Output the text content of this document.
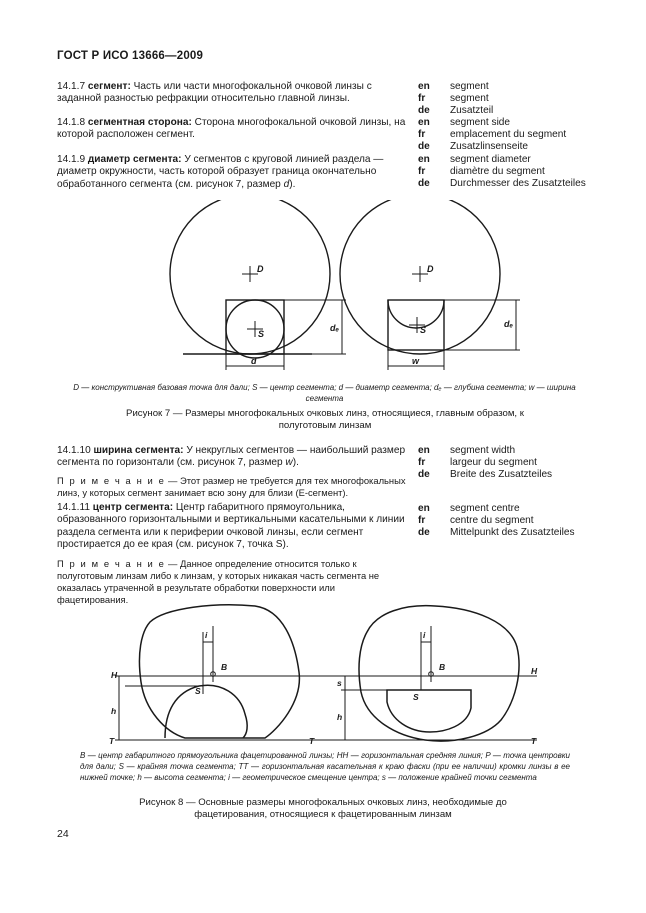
ГОСТ Р ИСО 13666—2009
14.1.7 сегмент: Часть или части многофокальной очковой линзы с заданной разностью рефракции относительно главной линзы.
en	segment
fr	segment
de	Zusatzteil
14.1.8 сегментная сторона: Сторона многофокальной очковой линзы, на которой расположен сегмент.
en	segment side
fr	emplacement du segment
de	Zusatzlinsenseite
14.1.9 диаметр сегмента: У сегментов с круговой линией раздела — диаметр окружности, часть которой образует граница окончательно обработанного сегмента (см. рисунок 7, размер d).
en	segment diameter
fr	diamètre du segment
de	Durchmesser des Zusatzteiles
D
S
d
dₑ
D
S
w
dₑ
D — конструктивная базовая точка для дали; S — центр сегмента; d — диаметр сегмента; dₑ — глубина сегмента; w — ширина сегмента
Рисунок 7 — Размеры многофокальных очковых линз, относящиеся, главным образом, к полуготовым линзам
14.1.10 ширина сегмента: У некруглых сегментов — наибольший размер сегмента по горизонтали (см. рисунок 7, размер w).
en	segment width
fr	largeur du segment
de	Breite des Zusatzteiles
П р и м е ч а н и е — Этот размер не требуется для тех многофокальных линз, у которых сегмент занимает всю зону для близи (E-сегмент).
14.1.11 центр сегмента: Центр габаритного прямоугольника, образованного горизонтальными и вертикальными касательными к линии раздела сегмента или к периферии очковой линзы, если сегмент простирается до ее края (см. рисунок 7, точка S).
en	segment centre
fr	centre du segment
de	Mittelpunkt des Zusatzteiles
П р и м е ч а н и е — Данное определение относится только к полуготовым линзам либо к линзам, у которых никакая часть сегмента не оказалась утраченной в результате обработки поверхности или фацетирования.
i
B
S
H
T
h
T
i
B
S
H
T
s
h
B — центр габаритного прямоугольника фацетированной линзы; HH — горизонтальная средняя линия; P — точка центровки для дали; S — крайняя точка сегмента; TT — горизонтальная касательная к краю фаски (при ее наличии) кромки линзы в ее нижней точке; h — высота сегмента; i — геометрическое смещение центра; s — положение крайней точки сегмента
Рисунок 8 — Основные размеры многофокальных очковых линз, необходимые до фацетирования, относящиеся к фацетированным линзам
24
